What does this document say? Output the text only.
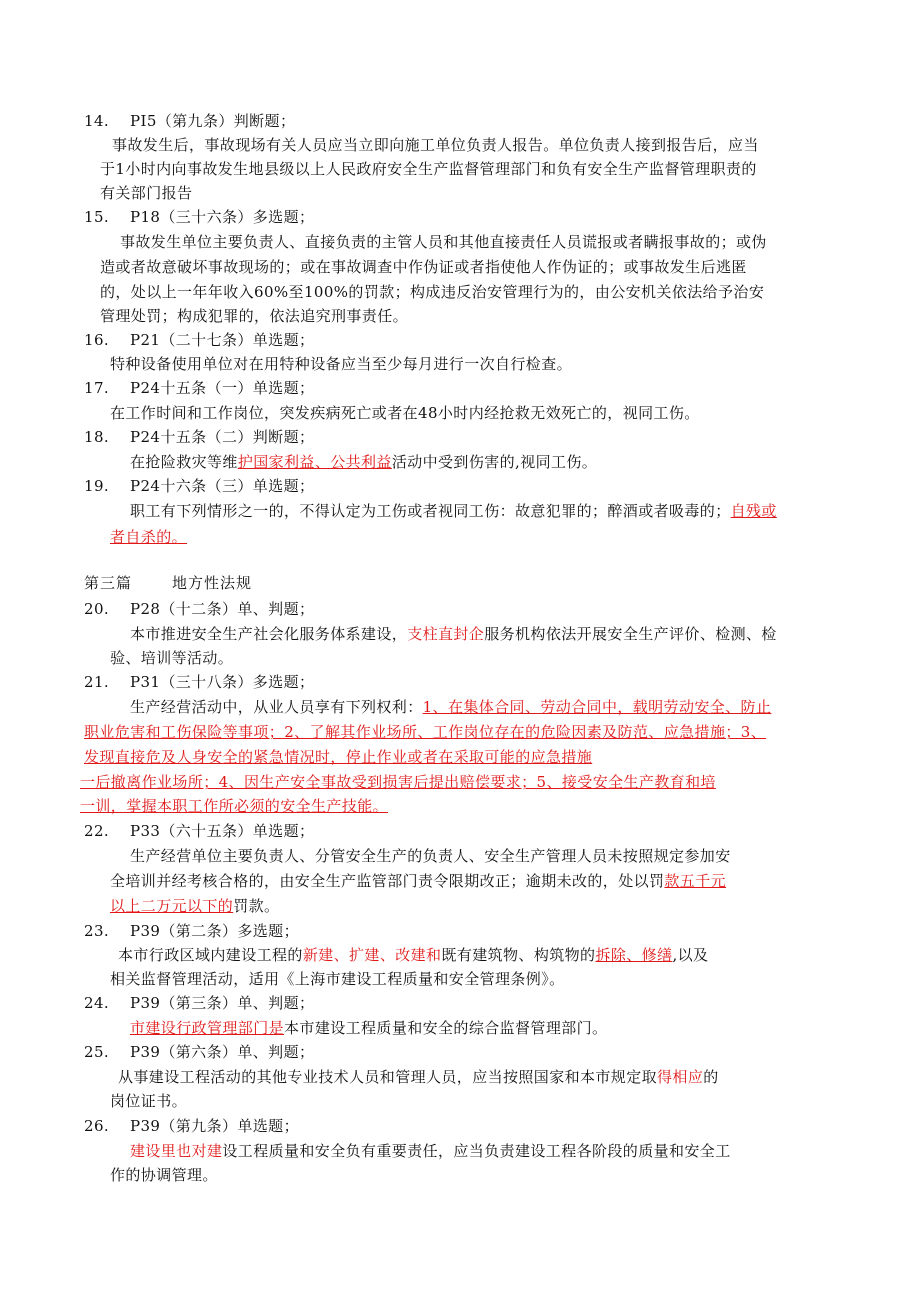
14. PI5（第九条）判断题；
事故发生后，事故现场有关人员应当立即向施工单位负责人报告。单位负责人接到报告后，应当
于1小时内向事故发生地县级以上人民政府安全生产监督管理部门和负有安全生产监督管理职责的
有关部门报告
15. P18（三十六条）多选题；
事故发生单位主要负责人、直接负责的主管人员和其他直接责任人员谎报或者瞒报事故的；或伪
造或者故意破坏事故现场的；或在事故调查中作伪证或者指使他人作伪证的；或事故发生后逃匿
的，处以上一年年收入60%至100%的罚款；构成违反治安管理行为的，由公安机关依法给予治安
管理处罚；构成犯罪的，依法追究刑事责任。
16. P21（二十七条）单选题；
特种设备使用单位对在用特种设备应当至少每月进行一次自行检查。
17. P24十五条（一）单选题；
在工作时间和工作岗位，突发疾病死亡或者在48小时内经抢救无效死亡的，视同工伤。
18. P24十五条（二）判断题；
在抢险救灾等维护国家利益、公共利益活动中受到伤害的,视同工伤。
19. P24十六条（三）单选题；
职工有下列情形之一的，不得认定为工伤或者视同工伤：故意犯罪的；醉酒或者吸毒的；自残或
者自杀的。
第三篇	地方性法规
20. P28（十二条）单、判题；
本市推进安全生产社会化服务体系建设，支柱直封企服务机构依法开展安全生产评价、检测、检
验、培训等活动。
21. P31（三十八条）多选题；
生产经营活动中，从业人员享有下列权利：1、在集体合同、劳动合同中，载明劳动安全、防止
职业危害和工伤保险等事项；2、了解其作业场所、工作岗位存在的危险因素及防范、应急措施；3、
发现直接危及人身安全的紧急情况时，停止作业或者在采取可能的应急措施
一后撤离作业场所；4、因生产安全事故受到损害后提出赔偿要求；5、接受安全生产教育和培
一训，掌握本职工作所必须的安全生产技能。
22. P33（六十五条）单选题；
生产经营单位主要负责人、分管安全生产的负责人、安全生产管理人员未按照规定参加安
全培训并经考核合格的，由安全生产监管部门责令限期改正；逾期未改的，处以罚款五千元
以上二万元以下的罚款。
23. P39（第二条）多选题；
本市行政区域内建设工程的新建、扩建、改建和既有建筑物、构筑物的拆除、修缮,以及
相关监督管理活动，适用《上海市建设工程质量和安全管理条例》。
24. P39（第三条）单、判题；
市建设行政管理部门是本市建设工程质量和安全的综合监督管理部门。
25. P39（第六条）单、判题；
从事建设工程活动的其他专业技术人员和管理人员，应当按照国家和本市规定取得相应的
岗位证书。
26. P39（第九条）单选题；
建设里也对建设工程质量和安全负有重要责任，应当负责建设工程各阶段的质量和安全工
作的协调管理。
